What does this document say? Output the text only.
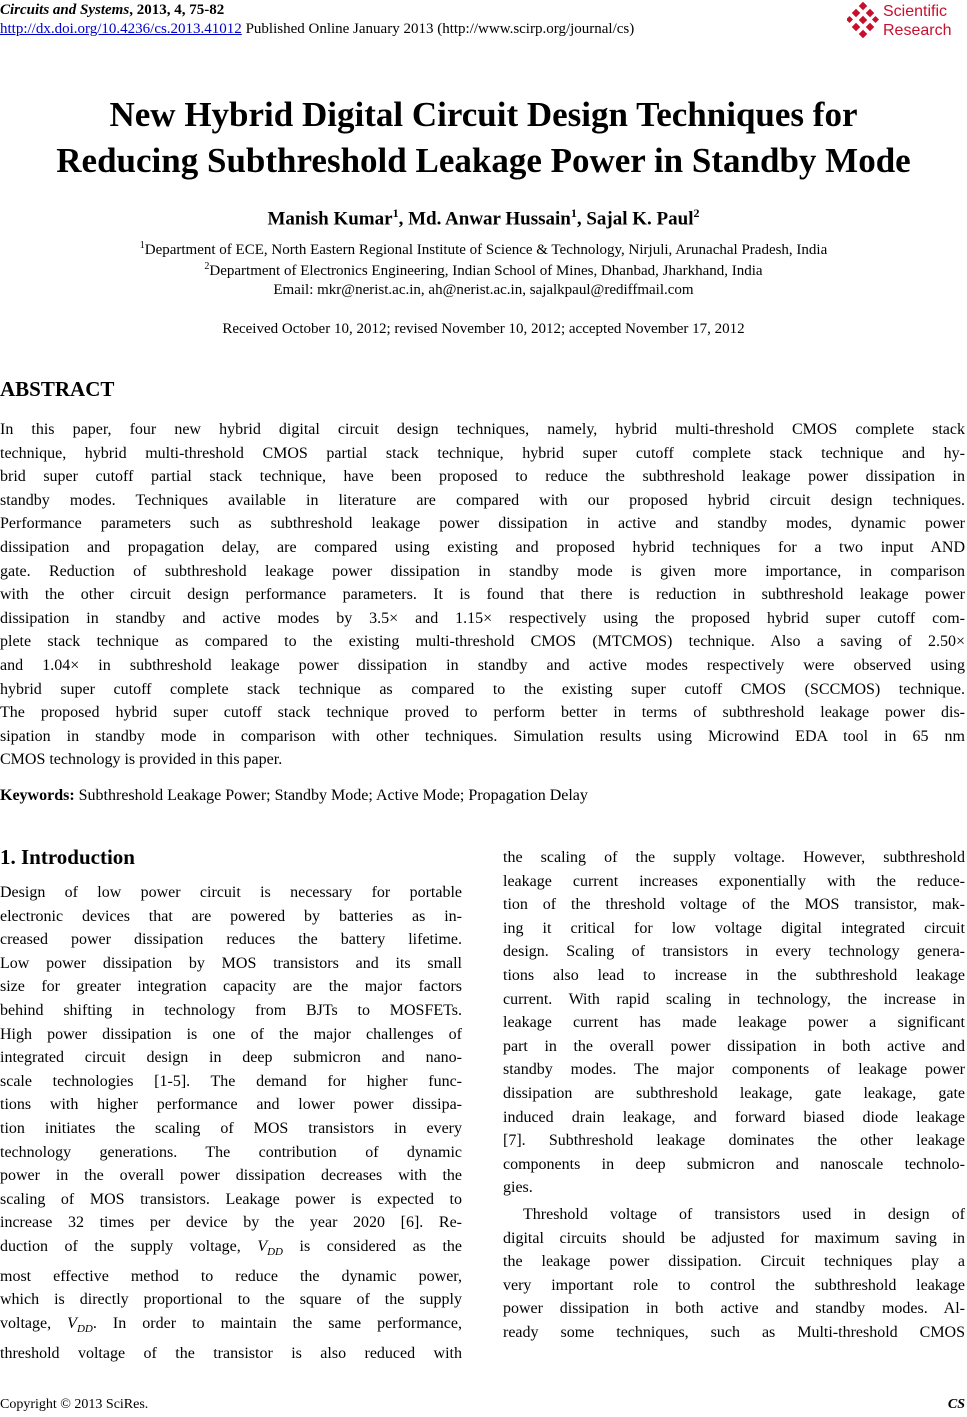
Circuits and Systems, 2013, 4, 75-82
http://dx.doi.org/10.4236/cs.2013.41012 Published Online January 2013 (http://www.scirp.org/journal/cs)
Scientific
Research
New Hybrid Digital Circuit Design Techniques for
Reducing Subthreshold Leakage Power in Standby Mode
Manish Kumar$^1$, Md. Anwar Hussain$^1$, Sajal K. Paul$^2$
$^1$Department of ECE, North Eastern Regional Institute of Science & Technology, Nirjuli, Arunachal Pradesh, India
$^2$Department of Electronics Engineering, Indian School of Mines, Dhanbad, Jharkhand, India
Email: mkr@nerist.ac.in, ah@nerist.ac.in, sajalkpaul@rediffmail.com
Received October 10, 2012; revised November 10, 2012; accepted November 17, 2012
ABSTRACT
In this paper, four new hybrid digital circuit design techniques, namely, hybrid multi-threshold CMOS complete stack
technique, hybrid multi-threshold CMOS partial stack technique, hybrid super cutoff complete stack technique and hy-
brid super cutoff partial stack technique, have been proposed to reduce the subthreshold leakage power dissipation in
standby modes. Techniques available in literature are compared with our proposed hybrid circuit design techniques.
Performance parameters such as subthreshold leakage power dissipation in active and standby modes, dynamic power
dissipation and propagation delay, are compared using existing and proposed hybrid techniques for a two input AND
gate. Reduction of subthreshold leakage power dissipation in standby mode is given more importance, in comparison
with the other circuit design performance parameters. It is found that there is reduction in subthreshold leakage power
dissipation in standby and active modes by 3.5× and 1.15× respectively using the proposed hybrid super cutoff com-
plete stack technique as compared to the existing multi-threshold CMOS (MTCMOS) technique. Also a saving of 2.50×
and 1.04× in subthreshold leakage power dissipation in standby and active modes respectively were observed using
hybrid super cutoff complete stack technique as compared to the existing super cutoff CMOS (SCCMOS) technique.
The proposed hybrid super cutoff stack technique proved to perform better in terms of subthreshold leakage power dis-
sipation in standby mode in comparison with other techniques. Simulation results using Microwind EDA tool in 65 nm
CMOS technology is provided in this paper.
Keywords: Subthreshold Leakage Power; Standby Mode; Active Mode; Propagation Delay
1. Introduction
Design of low power circuit is necessary for portable
electronic devices that are powered by batteries as in-
creased power dissipation reduces the battery lifetime.
Low power dissipation by MOS transistors and its small
size for greater integration capacity are the major factors
behind shifting in technology from BJTs to MOSFETs.
High power dissipation is one of the major challenges of
integrated circuit design in deep submicron and nano-
scale technologies [1-5]. The demand for higher func-
tions with higher performance and lower power dissipa-
tion initiates the scaling of MOS transistors in every
technology generations. The contribution of dynamic
power in the overall power dissipation decreases with the
scaling of MOS transistors. Leakage power is expected to
increase 32 times per device by the year 2020 [6]. Re-
duction of the supply voltage, $V_{DD}$ is considered as the
most effective method to reduce the dynamic power,
which is directly proportional to the square of the supply
voltage, $V_{DD}$. In order to maintain the same performance,
threshold voltage of the transistor is also reduced with
the scaling of the supply voltage. However, subthreshold
leakage current increases exponentially with the reduce-
tion of the threshold voltage of the MOS transistor, mak-
ing it critical for low voltage digital integrated circuit
design. Scaling of transistors in every technology genera-
tions also lead to increase in the subthreshold leakage
current. With rapid scaling in technology, the increase in
leakage current has made leakage power a significant
part in the overall power dissipation in both active and
standby modes. The major components of leakage power
dissipation are subthreshold leakage, gate leakage, gate
induced drain leakage, and forward biased diode leakage
[7]. Subthreshold leakage dominates the other leakage
components in deep submicron and nanoscale technolo-
gies.
Threshold voltage of transistors used in design of
digital circuits should be adjusted for maximum saving in
the leakage power dissipation. Circuit techniques play a
very important role to control the subthreshold leakage
power dissipation in both active and standby modes. Al-
ready some techniques, such as Multi-threshold CMOS
Copyright © 2013 SciRes.	CS
